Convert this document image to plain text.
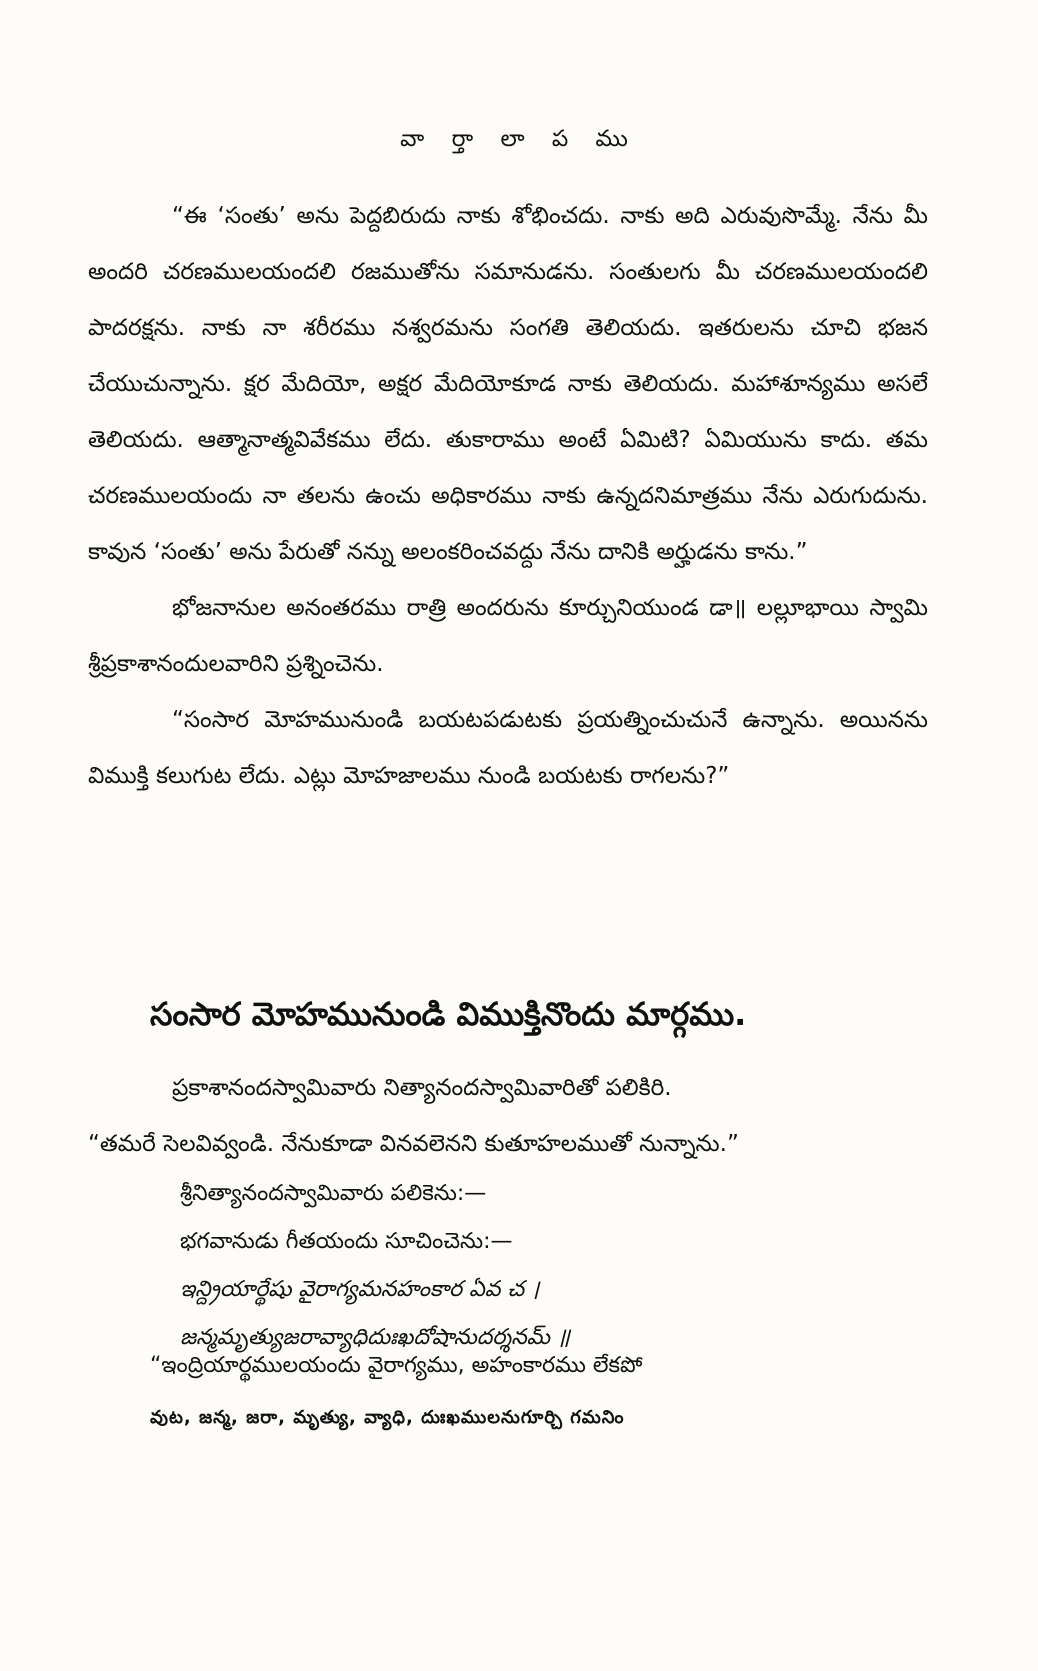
వా ర్తా లా ప ము

“ఈ ‘సంతు’ అను పెద్దబిరుదు నాకు శోభించదు. నాకు అది ఎరువుసొమ్మే. నేను మీ అందరి చరణములయందలి రజముతోను సమానుడను. సంతులగు మీ చరణములయందలి పాదరక్షను. నాకు నా శరీరము నశ్వరమను సంగతి తెలియదు. ఇతరులను చూచి భజన చేయుచున్నాను. క్షర మేదియో, అక్షర మేదియోకూడ నాకు తెలియదు. మహాశూన్యము అసలే తెలియదు. ఆత్మానాత్మవివేకము లేదు. తుకారాము అంటే ఏమిటి? ఏమియును కాదు. తమ చరణములయందు నా తలను ఉంచు అధికారము నాకు ఉన్నదనిమాత్రము నేను ఎరుగుదును. కావున ‘సంతు’ అను పేరుతో నన్ను అలంకరించవద్దు నేను దానికి అర్హుడను కాను.”

భోజనానుల అనంతరము రాత్రి అందరును కూర్చునియుండ డా॥ లల్లూభాయి స్వామి శ్రీప్రకాశానందులవారిని ప్రశ్నించెను.

“సంసార మోహమునుండి బయటపడుటకు ప్రయత్నించుచునే ఉన్నాను. అయినను విముక్తి కలుగుట లేదు. ఎట్లు మోహజాలము నుండి బయటకు రాగలను?”

సంసార మోహమునుండి విముక్తినొందు మార్గము.

ప్రకాశానందస్వామివారు నిత్యానందస్వామివారితో పలికిరి.

“తమరే సెలవివ్వండి. నేనుకూడా వినవలెనని కుతూహలముతో నున్నాను.”

శ్రీనిత్యానందస్వామివారు పలికెను:—
భగవానుడు గీతయందు సూచించెను:—
ఇన్ద్రియార్థేషు వైరాగ్యమనహంకార ఏవ చ ।
జన్మమృత్యుజరావ్యాధిదుఃఖదోషానుదర్శనమ్ ॥
“ఇంద్రియార్థములయందు వైరాగ్యము, అహంకారము లేకపో
వుట, జన్మ, జరా, మృత్యు, వ్యాధి, దుఃఖములనుగూర్చి గమనిం
